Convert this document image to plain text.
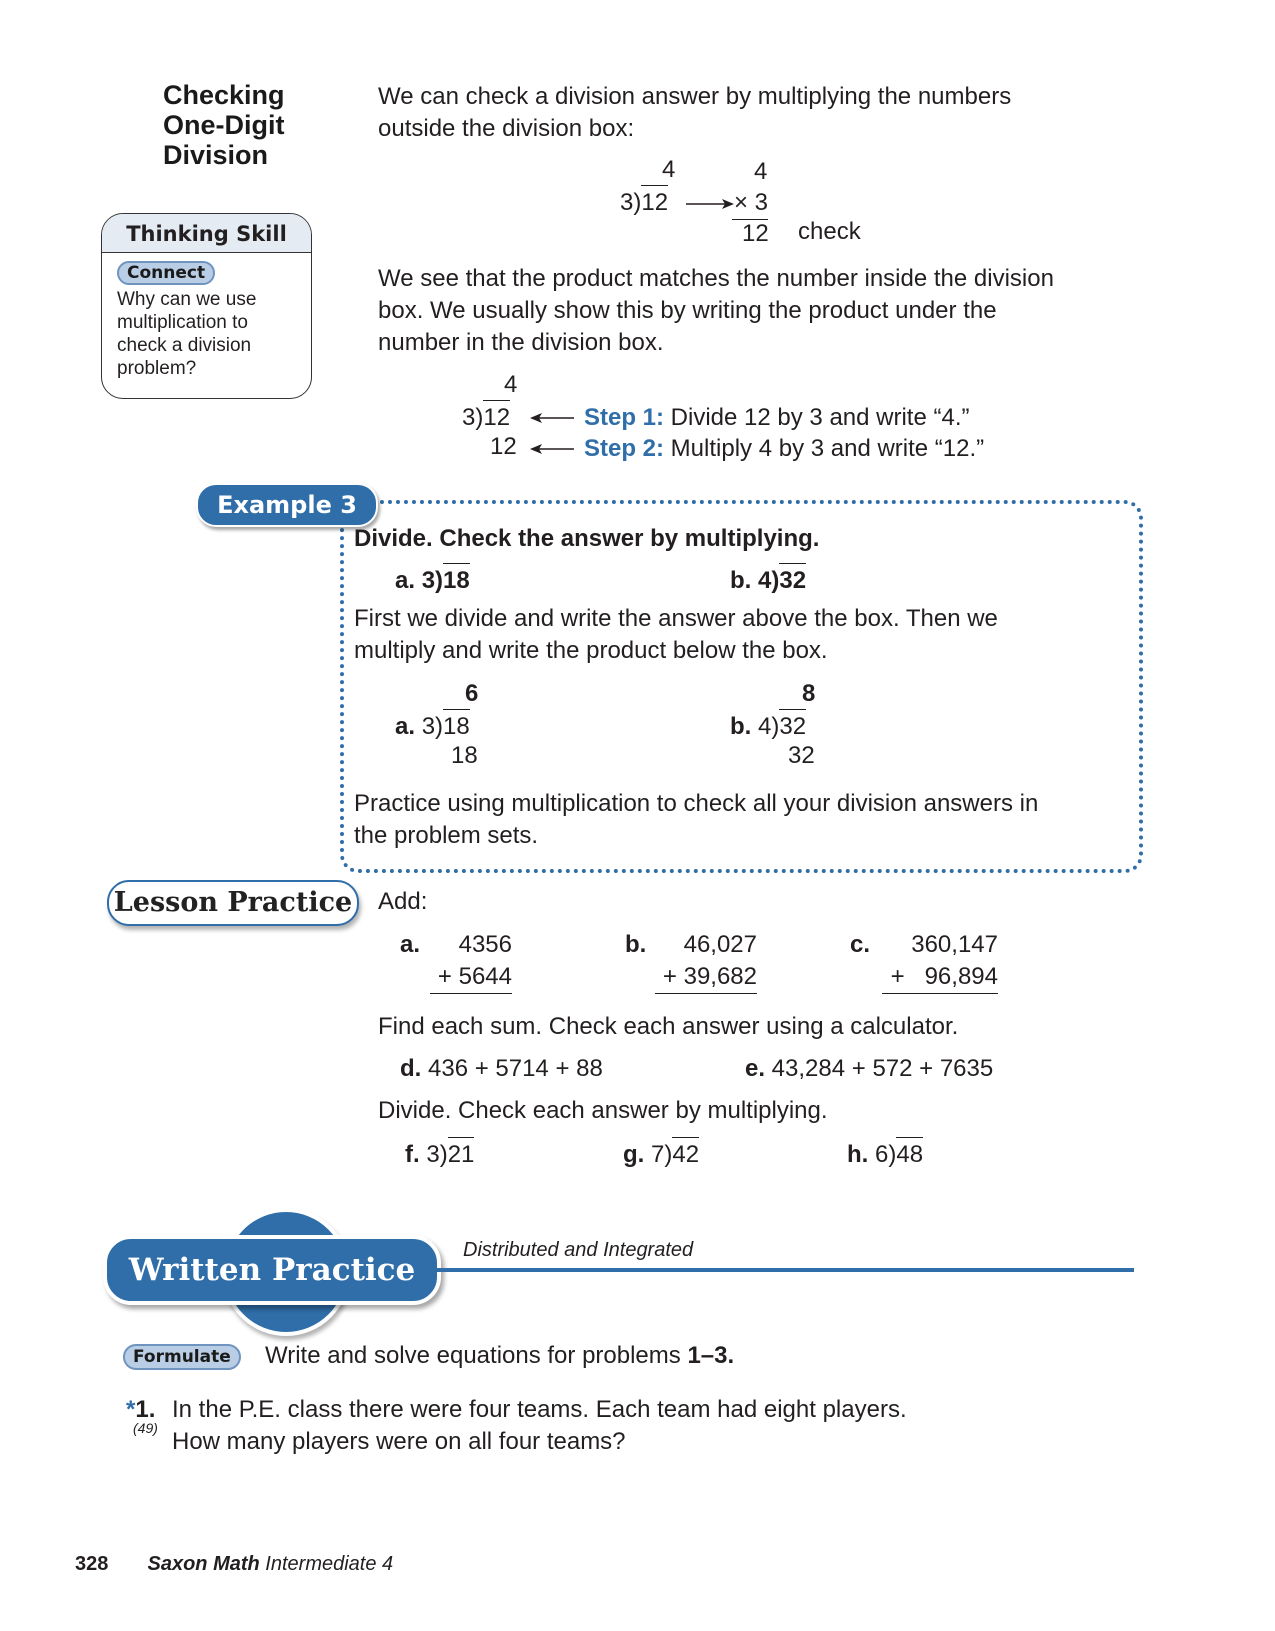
Checking
One-Digit
Division
We can check a division answer by multiplying the numbers
outside the division box:
4
3)12
4
× 3
12 check
Thinking Skill
Connect
Why can we use multiplication to check a division problem?
We see that the product matches the number inside the division
box. We usually show this by writing the product under the
number in the division box.
4
3)12
12
Step 1: Divide 12 by 3 and write “4.”
Step 2: Multiply 4 by 3 and write “12.”
Example 3
Divide. Check the answer by multiplying.
a. 3)18	b. 4)32
First we divide and write the answer above the box. Then we
multiply and write the product below the box.
6
a. 3)18
18
8
b. 4)32
32
Practice using multiplication to check all your division answers in
the problem sets.
Lesson Practice Add:
a.	4356
+ 5644
b.	46,027
+ 39,682
c.	360,147
+   96,894
Find each sum. Check each answer using a calculator.
d. 436 + 5714 + 88	e. 43,284 + 572 + 7635
Divide. Check each answer by multiplying.
f. 3)21	g. 7)42	h. 6)48
Written Practice
Distributed and Integrated
Formulate	Write and solve equations for problems 1–3.
*1.
(49)
In the P.E. class there were four teams. Each team had eight players.
How many players were on all four teams?
328 Saxon Math Intermediate 4
